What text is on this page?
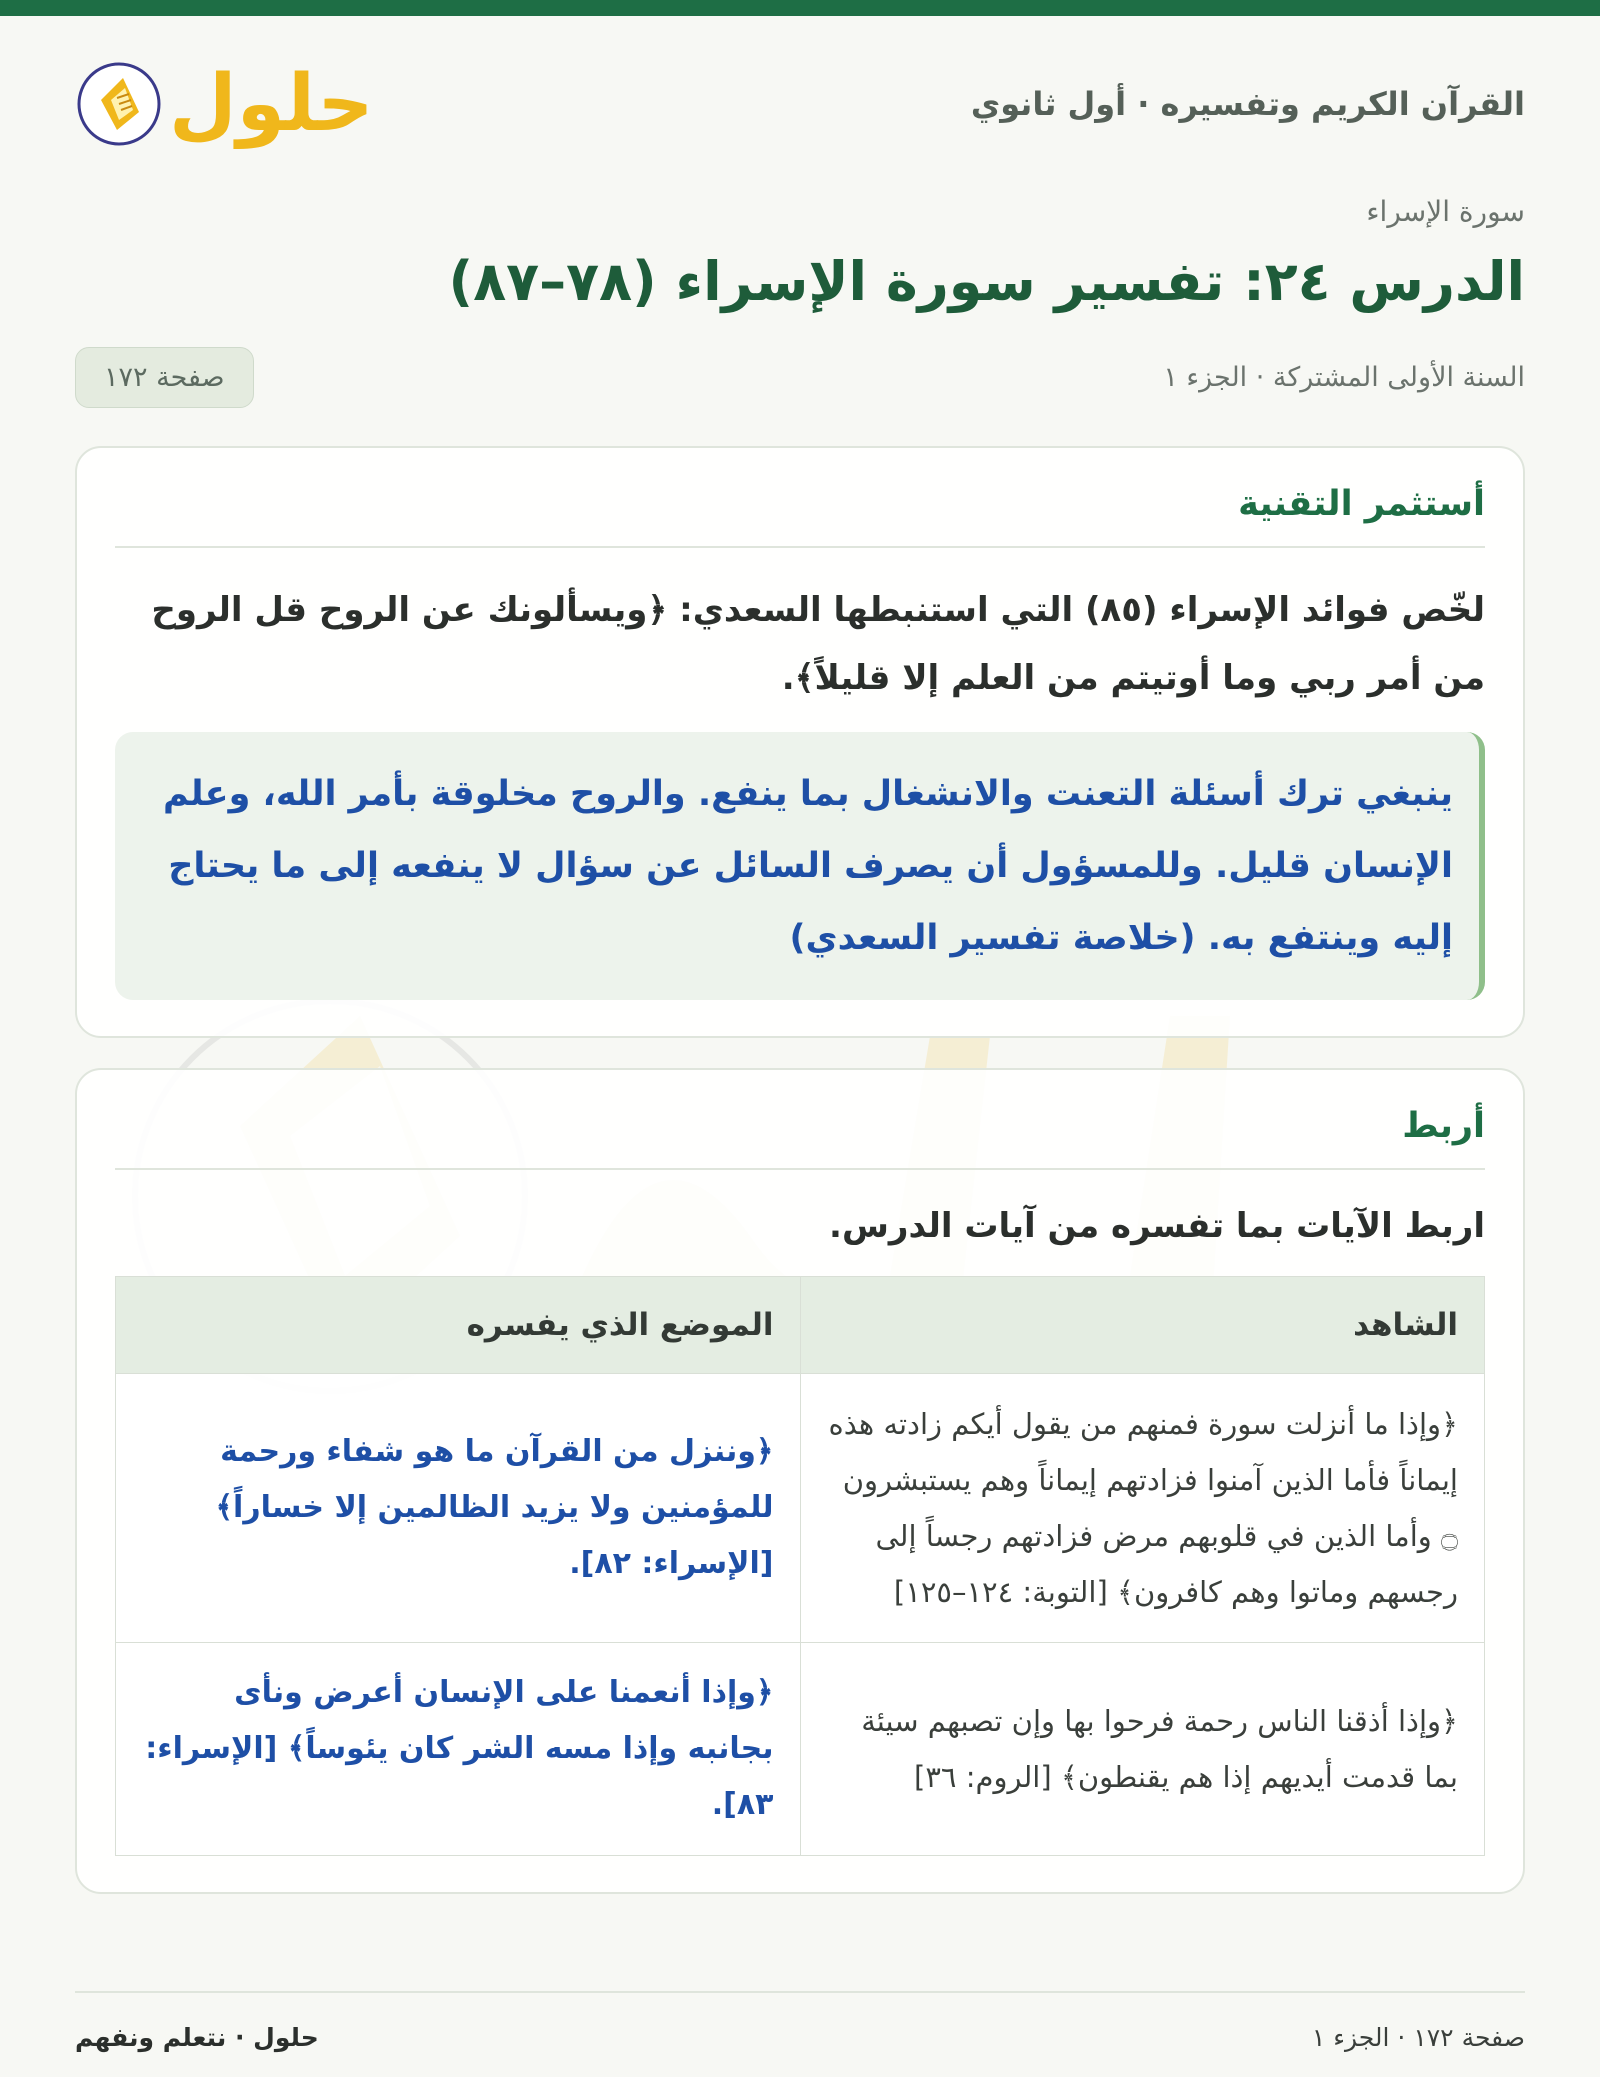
القرآن الكريم وتفسيره · أول ثانوي
حلول
سورة الإسراء
الدرس ٢٤: تفسير سورة الإسراء (٧٨–٨٧)
السنة الأولى المشتركة · الجزء ١
صفحة ١٧٢
أستثمر التقنية

لخّص فوائد الإسراء (٨٥) التي استنبطها السعدي: ﴿ويسألونك عن الروح قل الروح من أمر ربي وما أوتيتم من العلم إلا قليلاً﴾.

ينبغي ترك أسئلة التعنت والانشغال بما ينفع. والروح مخلوقة بأمر الله، وعلم الإنسان قليل. وللمسؤول أن يصرف السائل عن سؤال لا ينفعه إلى ما يحتاج إليه وينتفع به. (خلاصة تفسير السعدي)
أربط

اربط الآيات بما تفسره من آيات الدرس.

الشاهد	الموضع الذي يفسره
﴿وإذا ما أنزلت سورة فمنهم من يقول أيكم زادته هذه إيماناً فأما الذين آمنوا فزادتهم إيماناً وهم يستبشرون ۝ وأما الذين في قلوبهم مرض فزادتهم رجساً إلى رجسهم وماتوا وهم كافرون﴾ [التوبة: ١٢٤–١٢٥]	﴿وننزل من القرآن ما هو شفاء ورحمة للمؤمنين ولا يزيد الظالمين إلا خساراً﴾ [الإسراء: ٨٢].
﴿وإذا أذقنا الناس رحمة فرحوا بها وإن تصبهم سيئة بما قدمت أيديهم إذا هم يقنطون﴾ [الروم: ٣٦]	﴿وإذا أنعمنا على الإنسان أعرض ونأى بجانبه وإذا مسه الشر كان يئوساً﴾ [الإسراء: ٨٣].
صفحة ١٧٢ · الجزء ١
حلول · نتعلم ونفهم
